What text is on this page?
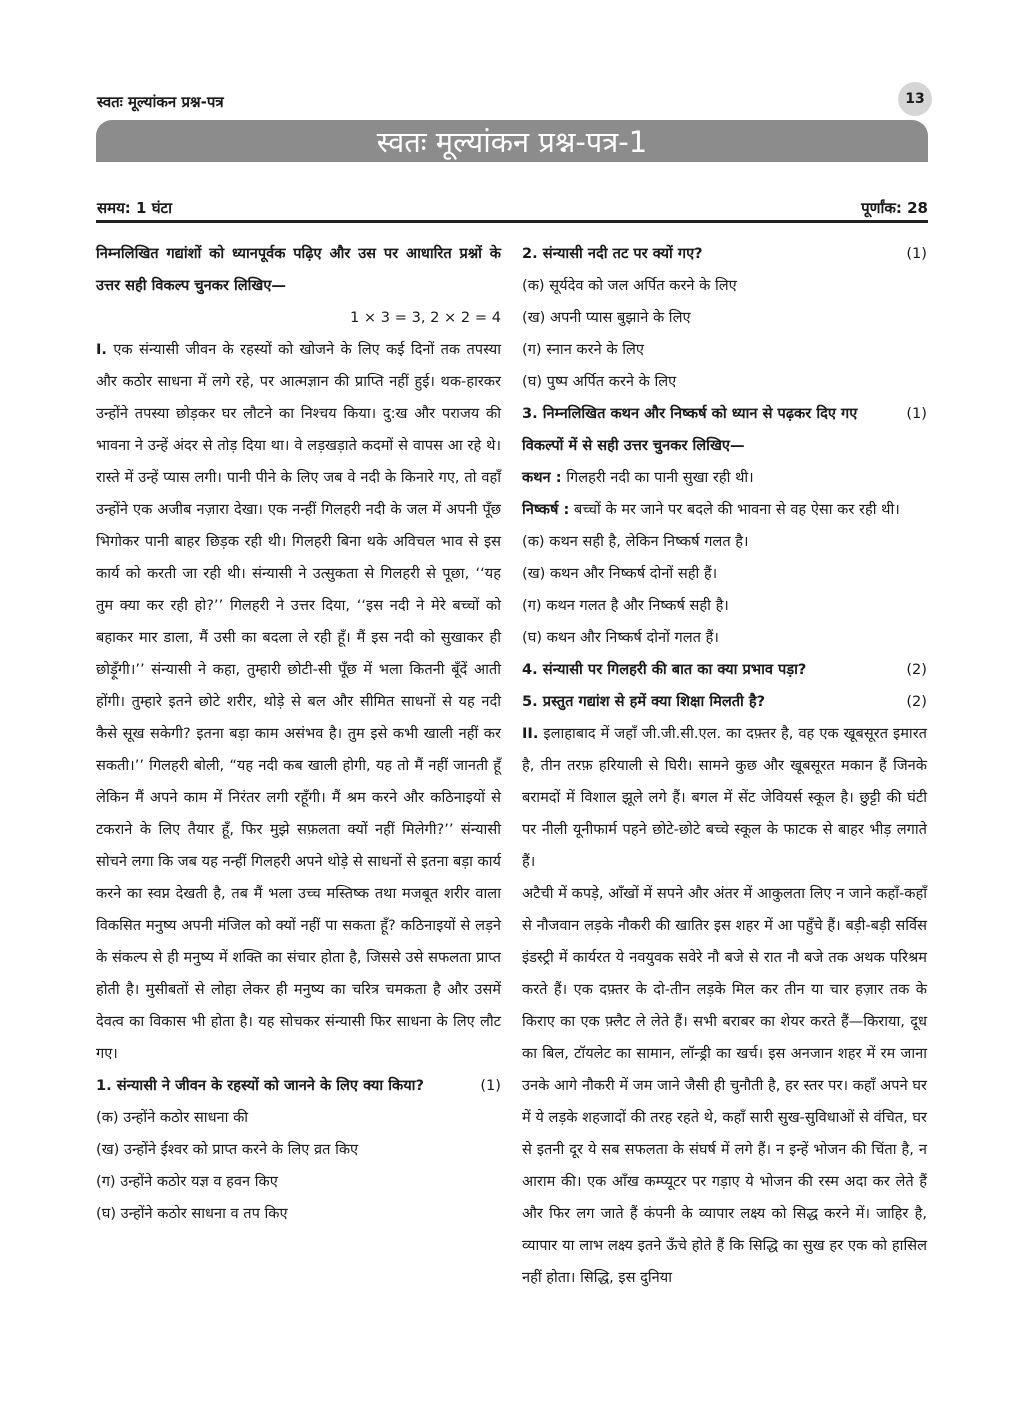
स्वतः मूल्यांकन प्रश्न-पत्र	13
स्वतः मूल्यांकन प्रश्न-पत्र-1
समय: 1 घंटा	पूर्णांक: 28

निम्नलिखित गद्यांशों को ध्यानपूर्वक पढ़िए और उस पर आधारित प्रश्नों के उत्तर सही विकल्प चुनकर लिखिए—

1 × 3 = 3, 2 × 2 = 4

I. एक संन्यासी जीवन के रहस्यों को खोजने के लिए कई दिनों तक तपस्या और कठोर साधना में लगे रहे, पर आत्मज्ञान की प्राप्ति नहीं हुई। थक-हारकर उन्होंने तपस्या छोड़कर घर लौटने का निश्चय किया। दु:ख और पराजय की भावना ने उन्हें अंदर से तोड़ दिया था। वे लड़खड़ाते कदमों से वापस आ रहे थे। रास्ते में उन्हें प्यास लगी। पानी पीने के लिए जब वे नदी के किनारे गए, तो वहाँ उन्होंने एक अजीब नज़ारा देखा। एक नन्हीं गिलहरी नदी के जल में अपनी पूँछ भिगोकर पानी बाहर छिड़क रही थी। गिलहरी बिना थके अविचल भाव से इस कार्य को करती जा रही थी। संन्यासी ने उत्सुकता से गिलहरी से पूछा, ‘‘यह तुम क्या कर रही हो?’’ गिलहरी ने उत्तर दिया, ‘‘इस नदी ने मेरे बच्चों को बहाकर मार डाला, मैं उसी का बदला ले रही हूँ। मैं इस नदी को सुखाकर ही छोड़ूँगी।’’ संन्यासी ने कहा, तुम्हारी छोटी-सी पूँछ में भला कितनी बूँदें आती होंगी। तुम्हारे इतने छोटे शरीर, थोड़े से बल और सीमित साधनों से यह नदी कैसे सूख सकेगी? इतना बड़ा काम असंभव है। तुम इसे कभी खाली नहीं कर सकती।’’ गिलहरी बोली, “यह नदी कब खाली होगी, यह तो मैं नहीं जानती हूँ लेकिन मैं अपने काम में निरंतर लगी रहूँगी। मैं श्रम करने और कठिनाइयों से टकराने के लिए तैयार हूँ, फिर मुझे सफ़लता क्यों नहीं मिलेगी?’’ संन्यासी सोचने लगा कि जब यह नन्हीं गिलहरी अपने थोड़े से साधनों से इतना बड़ा कार्य करने का स्वप्न देखती है, तब मैं भला उच्च मस्तिष्क तथा मजबूत शरीर वाला विकसित मनुष्य अपनी मंजिल को क्यों नहीं पा सकता हूँ? कठिनाइयों से लड़ने के संकल्प से ही मनुष्य में शक्ति का संचार होता है, जिससे उसे सफलता प्राप्त होती है। मुसीबतों से लोहा लेकर ही मनुष्य का चरित्र चमकता है और उसमें देवत्व का विकास भी होता है। यह सोचकर संन्यासी फिर साधना के लिए लौट गए।

1. संन्यासी ने जीवन के रहस्यों को जानने के लिए क्या किया?	(1)
(क) उन्होंने कठोर साधना की
(ख) उन्होंने ईश्वर को प्राप्त करने के लिए व्रत किए
(ग) उन्होंने कठोर यज्ञ व हवन किए
(घ) उन्होंने कठोर साधना व तप किए
2. संन्यासी नदी तट पर क्यों गए?	(1)
(क) सूर्यदेव को जल अर्पित करने के लिए
(ख) अपनी प्यास बुझाने के लिए
(ग) स्नान करने के लिए
(घ) पुष्प अर्पित करने के लिए
3. निम्नलिखित कथन और निष्कर्ष को ध्यान से पढ़कर दिए गए विकल्पों में से सही उत्तर चुनकर लिखिए—
(1)

कथन : गिलहरी नदी का पानी सुखा रही थी।

निष्कर्ष : बच्चों के मर जाने पर बदले की भावना से वह ऐसा कर रही थी।

(क) कथन सही है, लेकिन निष्कर्ष गलत है।
(ख) कथन और निष्कर्ष दोनों सही हैं।
(ग) कथन गलत है और निष्कर्ष सही है।
(घ) कथन और निष्कर्ष दोनों गलत हैं।
4. संन्यासी पर गिलहरी की बात का क्या प्रभाव पड़ा?	(2)
5. प्रस्तुत गद्यांश से हमें क्या शिक्षा मिलती है?	(2)

II. इलाहाबाद में जहाँ जी.जी.सी.एल. का दफ़्तर है, वह एक खूबसूरत इमारत है, तीन तरफ़ हरियाली से घिरी। सामने कुछ और खूबसूरत मकान हैं जिनके बरामदों में विशाल झूले लगे हैं। बगल में सेंट जेवियर्स स्कूल है। छुट्टी की घंटी पर नीली यूनीफार्म पहने छोटे-छोटे बच्चे स्कूल के फाटक से बाहर भीड़ लगाते हैं।

अटैची में कपड़े, आँखों में सपने और अंतर में आकुलता लिए न जाने कहाँ-कहाँ से नौजवान लड़के नौकरी की खातिर इस शहर में आ पहुँचे हैं। बड़ी-बड़ी सर्विस इंडस्ट्री में कार्यरत ये नवयुवक सवेरे नौ बजे से रात नौ बजे तक अथक परिश्रम करते हैं। एक दफ़्तर के दो-तीन लड़के मिल कर तीन या चार हज़ार तक के किराए का एक फ़्लैट ले लेते हैं। सभी बराबर का शेयर करते हैं—किराया, दूध का बिल, टॉयलेट का सामान, लॉन्ड्री का खर्च। इस अनजान शहर में रम जाना उनके आगे नौकरी में जम जाने जैसी ही चुनौती है, हर स्तर पर। कहाँ अपने घर में ये लड़के शहजादों की तरह रहते थे, कहाँ सारी सुख-सुविधाओं से वंचित, घर से इतनी दूर ये सब सफलता के संघर्ष में लगे हैं। न इन्हें भोजन की चिंता है, न आराम की। एक आँख कम्प्यूटर पर गड़ाए ये भोजन की रस्म अदा कर लेते हैं और फिर लग जाते हैं कंपनी के व्यापार लक्ष्य को सिद्ध करने में। जाहिर है, व्यापार या लाभ लक्ष्य इतने ऊँचे होते हैं कि सिद्धि का सुख हर एक को हासिल नहीं होता। सिद्धि, इस दुनिया
